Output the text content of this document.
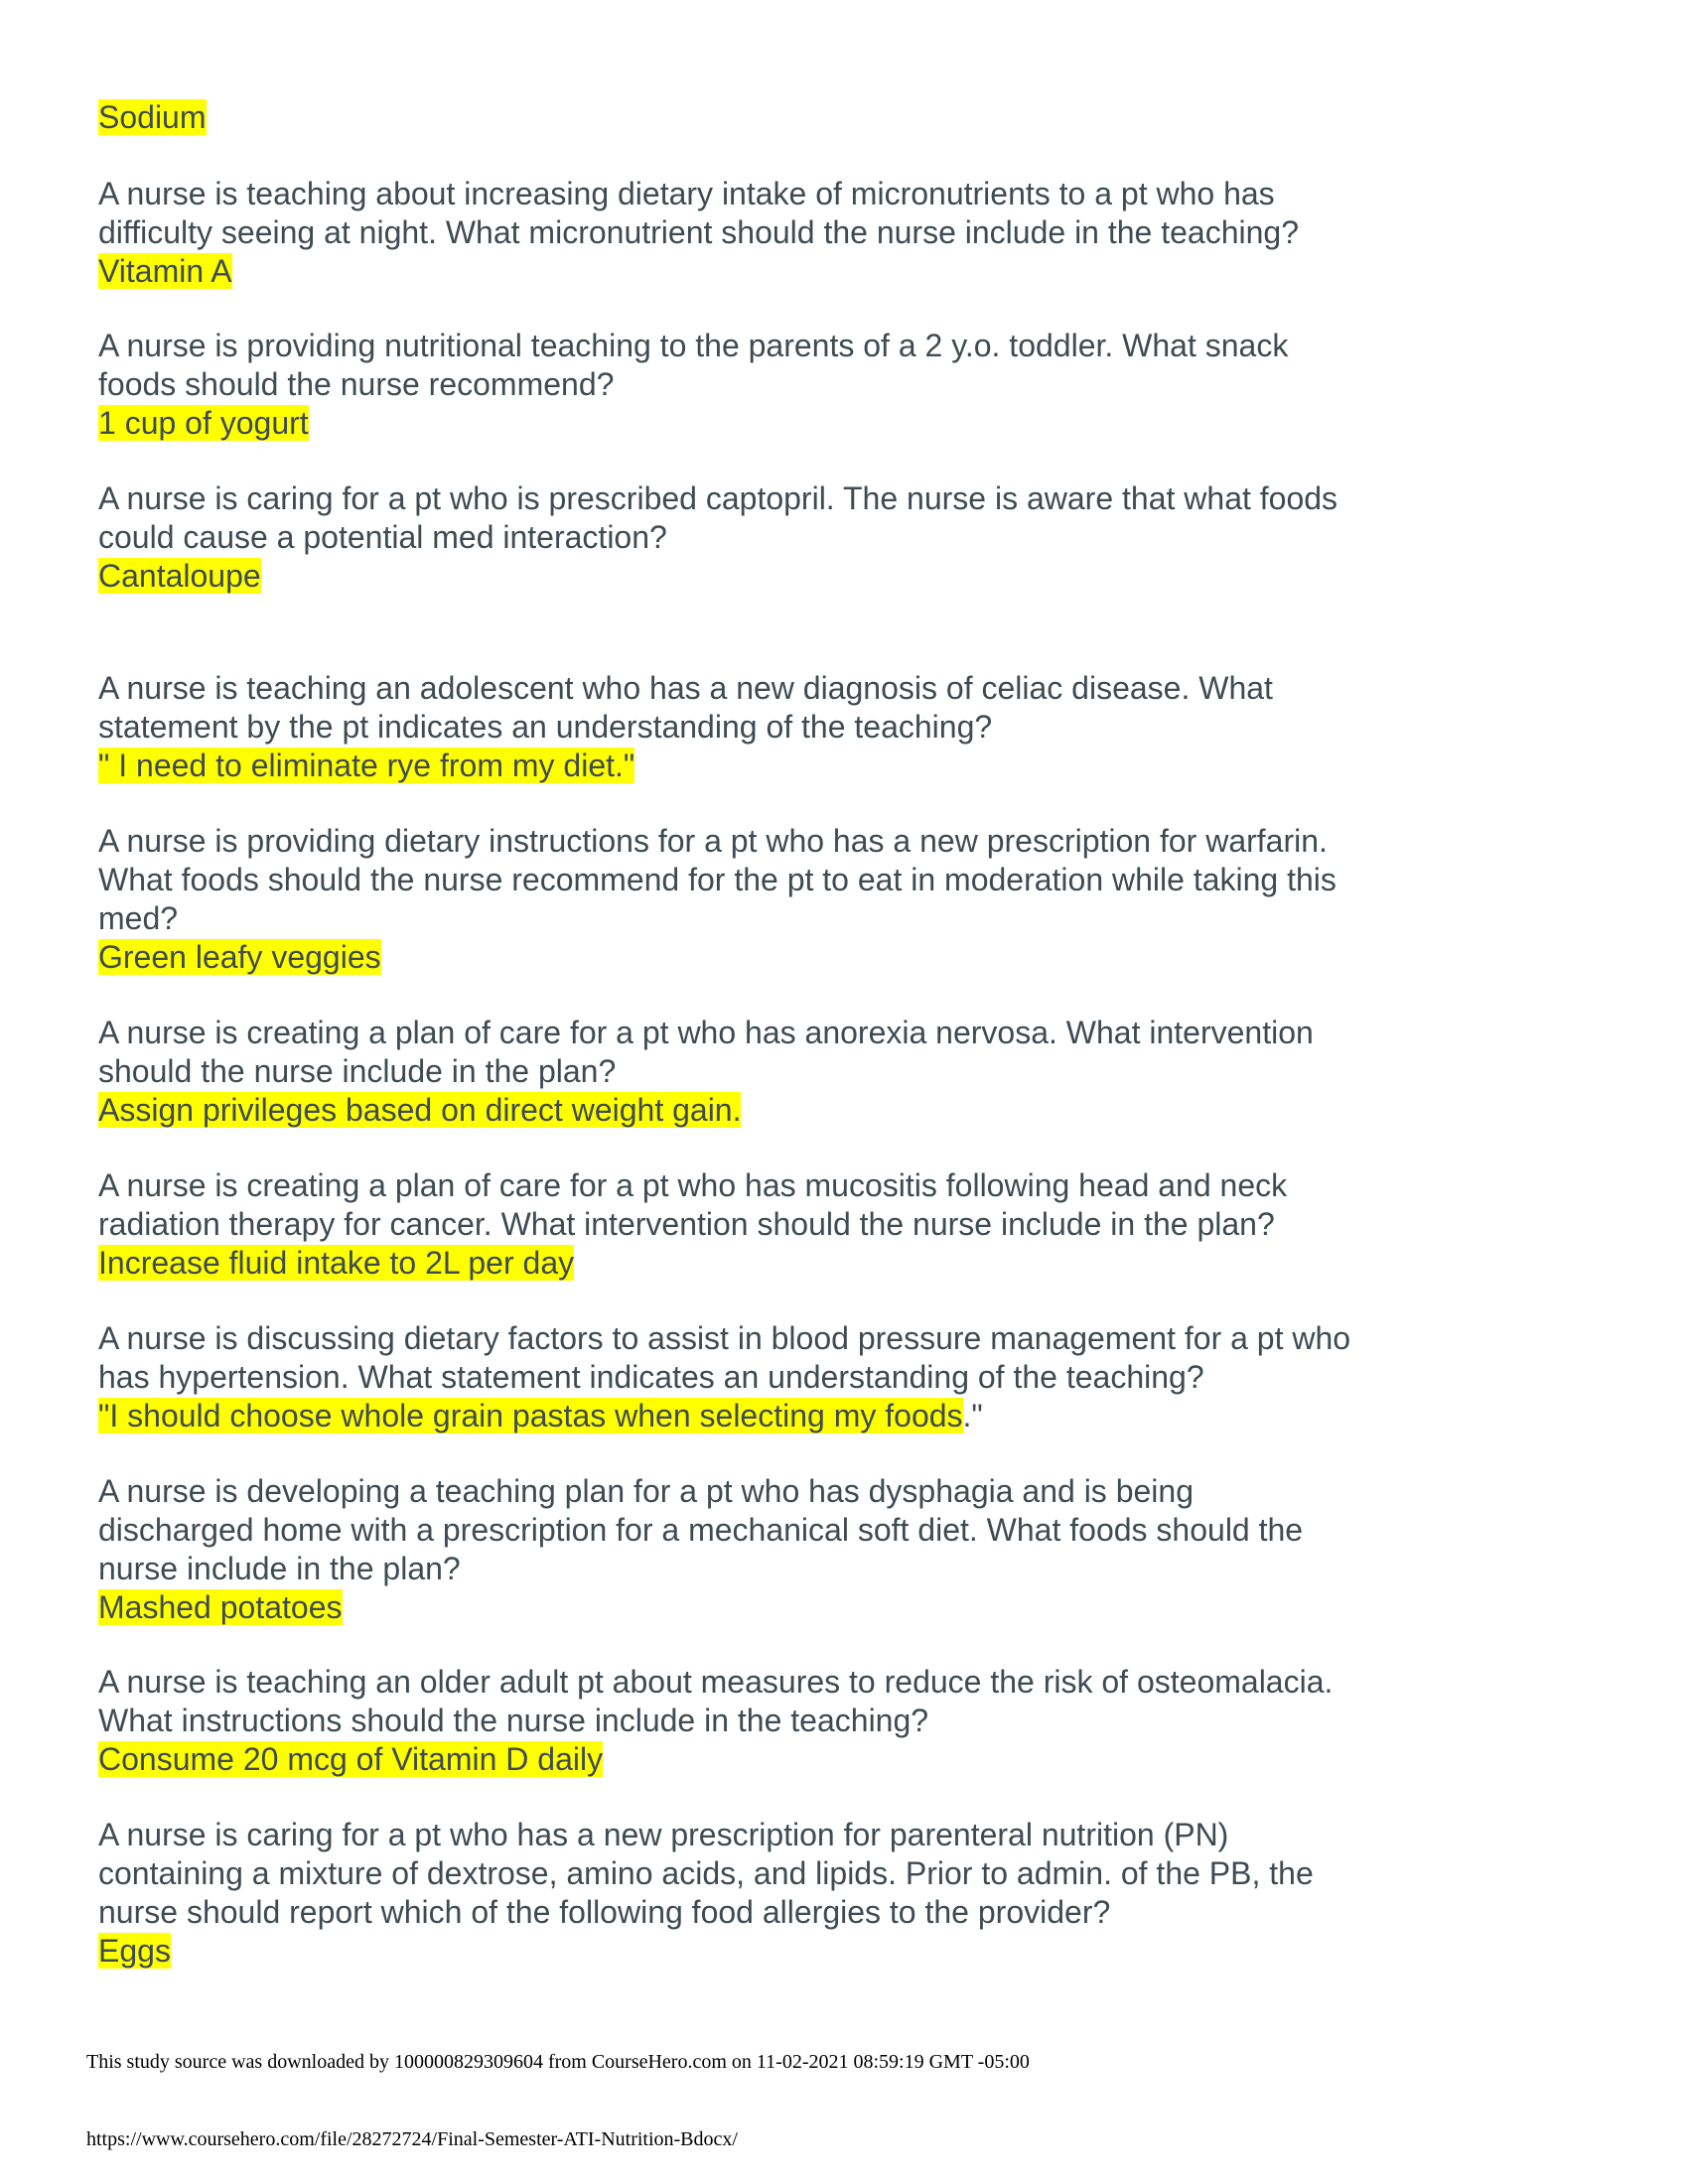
Sodium
A nurse is teaching about increasing dietary intake of micronutrients to a pt who has
difficulty seeing at night. What micronutrient should the nurse include in the teaching?
Vitamin A
A nurse is providing nutritional teaching to the parents of a 2 y.o. toddler. What snack
foods should the nurse recommend?
1 cup of yogurt
A nurse is caring for a pt who is prescribed captopril. The nurse is aware that what foods
could cause a potential med interaction?
Cantaloupe
A nurse is teaching an adolescent who has a new diagnosis of celiac disease. What
statement by the pt indicates an understanding of the teaching?
" I need to eliminate rye from my diet."
A nurse is providing dietary instructions for a pt who has a new prescription for warfarin.
What foods should the nurse recommend for the pt to eat in moderation while taking this
med?
Green leafy veggies
A nurse is creating a plan of care for a pt who has anorexia nervosa. What intervention
should the nurse include in the plan?
Assign privileges based on direct weight gain.
A nurse is creating a plan of care for a pt who has mucositis following head and neck
radiation therapy for cancer. What intervention should the nurse include in the plan?
Increase fluid intake to 2L per day
A nurse is discussing dietary factors to assist in blood pressure management for a pt who
has hypertension. What statement indicates an understanding of the teaching?
"I should choose whole grain pastas when selecting my foods."
A nurse is developing a teaching plan for a pt who has dysphagia and is being
discharged home with a prescription for a mechanical soft diet. What foods should the
nurse include in the plan?
Mashed potatoes
A nurse is teaching an older adult pt about measures to reduce the risk of osteomalacia.
What instructions should the nurse include in the teaching?
Consume 20 mcg of Vitamin D daily
A nurse is caring for a pt who has a new prescription for parenteral nutrition (PN)
containing a mixture of dextrose, amino acids, and lipids. Prior to admin. of the PB, the
nurse should report which of the following food allergies to the provider?
Eggs
This study source was downloaded by 100000829309604 from CourseHero.com on 11-02-2021 08:59:19 GMT -05:00
https://www.coursehero.com/file/28272724/Final-Semester-ATI-Nutrition-Bdocx/
